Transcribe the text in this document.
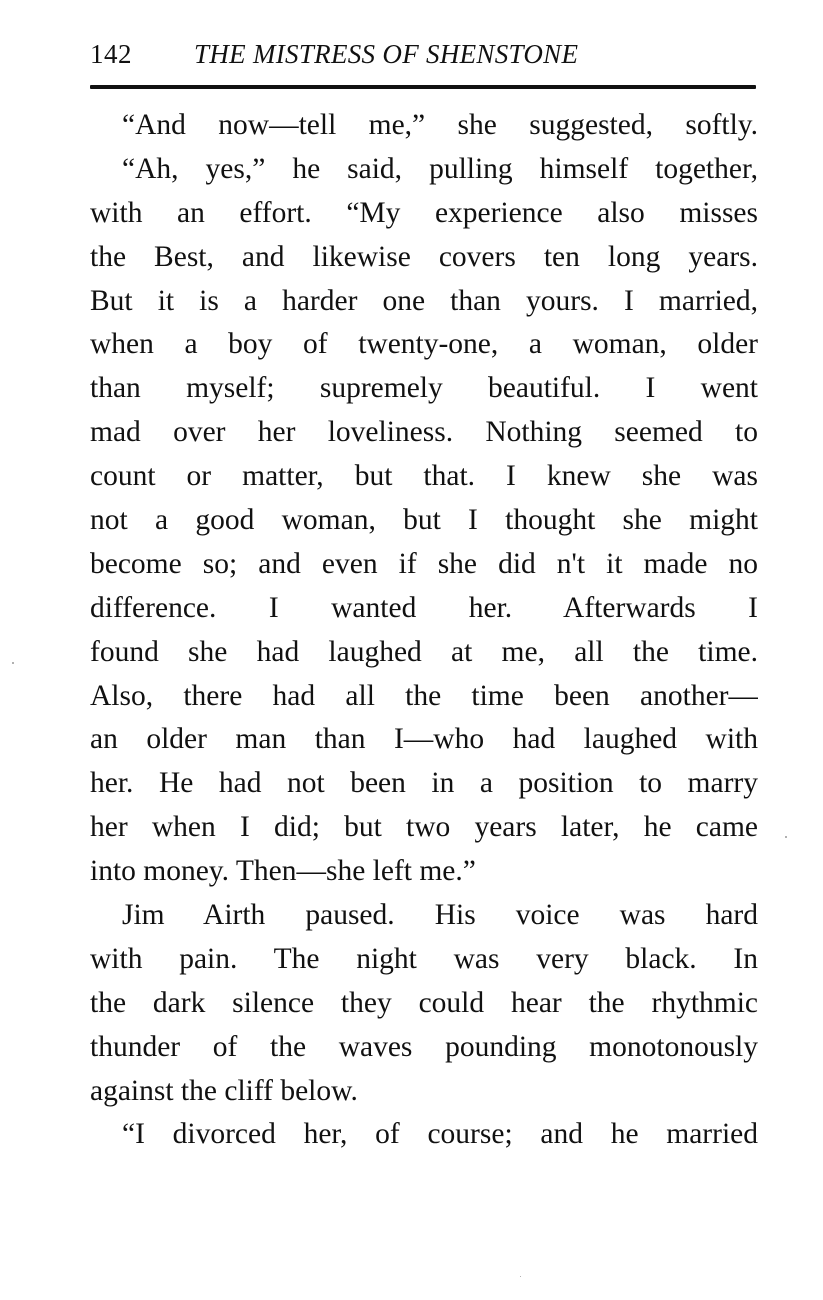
142 THE MISTRESS OF SHENSTONE
“And now—tell me,” she suggested, softly.
“Ah, yes,” he said, pulling himself together,
with an effort. “My experience also misses
the Best, and likewise covers ten long years.
But it is a harder one than yours. I married,
when a boy of twenty-one, a woman, older
than myself; supremely beautiful. I went
mad over her loveliness. Nothing seemed to
count or matter, but that. I knew she was
not a good woman, but I thought she might
become so; and even if she did n't it made no
difference. I wanted her. Afterwards I
found she had laughed at me, all the time.
Also, there had all the time been another—
an older man than I—who had laughed with
her. He had not been in a position to marry
her when I did; but two years later, he came
into money. Then—she left me.”
Jim Airth paused. His voice was hard
with pain. The night was very black. In
the dark silence they could hear the rhythmic
thunder of the waves pounding monotonously
against the cliff below.
“I divorced her, of course; and he married
